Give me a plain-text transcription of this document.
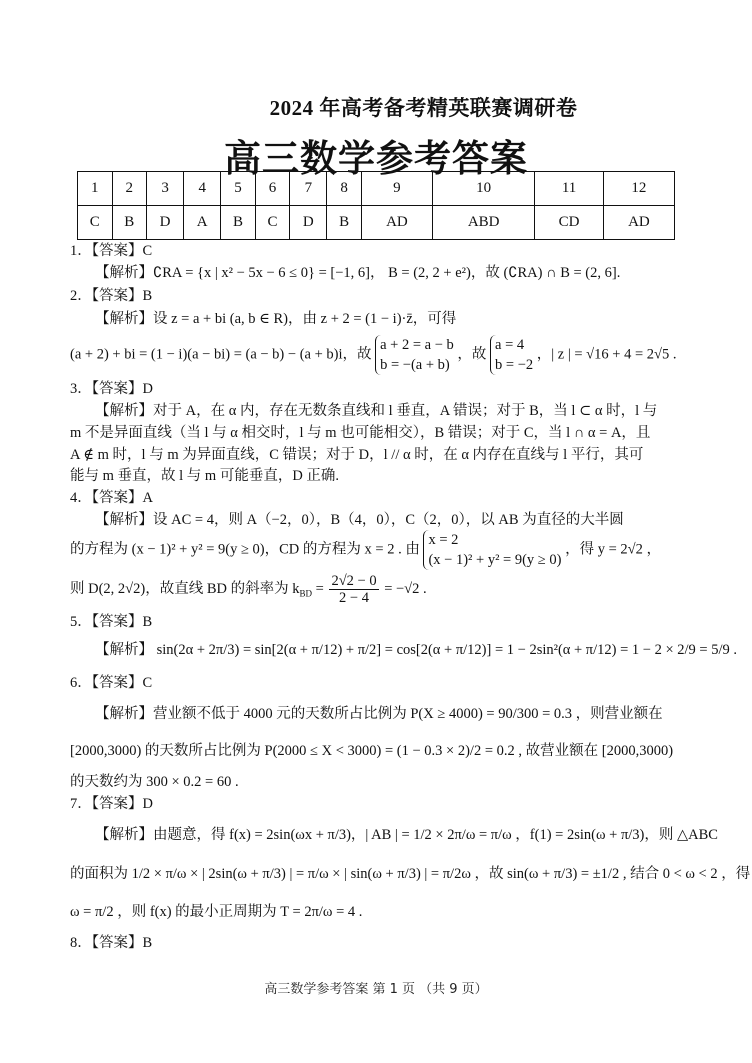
2024 年高考备考精英联赛调研卷
高三数学参考答案
1	2	3	4	5	6	7	8	9	10	11	12
C	B	D	A	B	C	D	B	AD	ABD	CD	AD
1．【答案】C
【解析】∁RA = {x | x² − 5x − 6 ≤ 0} = [−1, 6]， B = (2, 2 + e²)，故 (∁RA) ∩ B = (2, 6].
2．【答案】B
【解析】设 z = a + bi (a, b ∈ R)，由 z + 2 = (1 − i)·z̄，可得
(a + 2) + bi = (1 − i)(a − bi) = (a − b) − (a + b)i，故
a + 2 = a − b
b = −(a + b)
，故
a = 4
b = −2
，| z | = √16 + 4 = 2√5 .
3．【答案】D
【解析】对于 A，在 α 内，存在无数条直线和 l 垂直，A 错误；对于 B，当 l ⊂ α 时，l 与
m 不是异面直线（当 l 与 α 相交时，l 与 m 也可能相交），B 错误；对于 C，当 l ∩ α = A，且
A ∉ m 时，l 与 m 为异面直线，C 错误；对于 D，l // α 时，在 α 内存在直线与 l 平行，其可
能与 m 垂直，故 l 与 m 可能垂直，D 正确.
4．【答案】A
【解析】设 AC = 4，则 A（−2，0），B（4，0），C（2，0），以 AB 为直径的大半圆
的方程为 (x − 1)² + y² = 9(y ≥ 0)，CD 的方程为 x = 2 . 由
x = 2
(x − 1)² + y² = 9(y ≥ 0)
，得 y = 2√2 ，
则 D(2, 2√2)，故直线 BD 的斜率为 $k_{BD} = \frac{2√2 - 0}{2 - 4} = -√2$ .
5．【答案】B
【解析】 sin(2α + 2π/3) = sin[2(α + π/12) + π/2] = cos[2(α + π/12)] = 1 − 2sin²(α + π/12) = 1 − 2 × 2/9 = 5/9 .
6．【答案】C
【解析】营业额不低于 4000 元的天数所占比例为 P(X ≥ 4000) = 90/300 = 0.3 ，则营业额在
[2000,3000) 的天数所占比例为 P(2000 ≤ X < 3000) = (1 − 0.3 × 2)/2 = 0.2 , 故营业额在 [2000,3000)
的天数约为 300 × 0.2 = 60 .
7．【答案】D
【解析】由题意，得 f(x) = 2sin(ωx + π/3)，| AB | = 1/2 × 2π/ω = π/ω ，f(1) = 2sin(ω + π/3)，则 △ABC
的面积为 1/2 × π/ω × | 2sin(ω + π/3) | = π/ω × | sin(ω + π/3) | = π/2ω ，故 sin(ω + π/3) = ±1/2 , 结合 0 < ω < 2 ，得
ω = π/2 ，则 f(x) 的最小正周期为 T = 2π/ω = 4 .
8．【答案】B
高三数学参考答案 第 1 页 （共 9 页）
